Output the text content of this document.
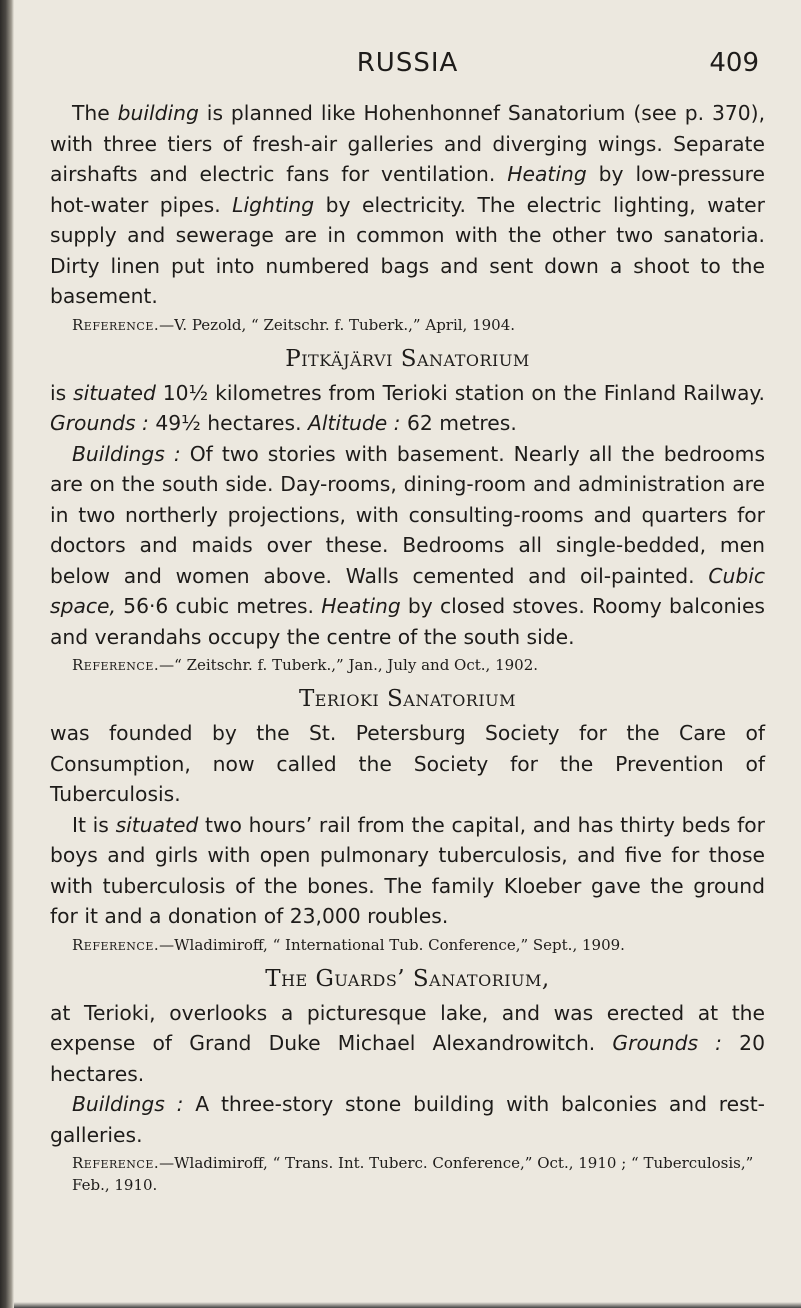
RUSSIA	409

The building is planned like Hohenhonnef Sanatorium (see p. 370), with three tiers of fresh-air galleries and diverging wings. Separate airshafts and electric fans for ventilation. Heating by low-pressure hot-water pipes. Lighting by electricity. The electric lighting, water supply and sewerage are in common with the other two sanatoria. Dirty linen put into numbered bags and sent down a shoot to the basement.

Reference.—V. Pezold, “ Zeitschr. f. Tuberk.,” April, 1904.

Pitkäjärvi Sanatorium

is situated 10½ kilometres from Terioki station on the Finland Railway. Grounds : 49½ hectares. Altitude : 62 metres.

Buildings : Of two stories with basement. Nearly all the bedrooms are on the south side. Day-rooms, dining-room and administration are in two northerly projections, with consulting-rooms and quarters for doctors and maids over these. Bedrooms all single-bedded, men below and women above. Walls cemented and oil-painted. Cubic space, 56·6 cubic metres. Heating by closed stoves. Roomy balconies and verandahs occupy the centre of the south side.

Reference.—“ Zeitschr. f. Tuberk.,” Jan., July and Oct., 1902.

Terioki Sanatorium

was founded by the St. Petersburg Society for the Care of Consumption, now called the Society for the Prevention of Tuberculosis.

It is situated two hours’ rail from the capital, and has thirty beds for boys and girls with open pulmonary tuberculosis, and five for those with tuberculosis of the bones. The family Kloeber gave the ground for it and a donation of 23,000 roubles.

Reference.—Wladimiroff, “ International Tub. Conference,” Sept., 1909.

The Guards’ Sanatorium,

at Terioki, overlooks a picturesque lake, and was erected at the expense of Grand Duke Michael Alexandrowitch. Grounds : 20 hectares.

Buildings : A three-story stone building with balconies and rest-galleries.

Reference.—Wladimiroff, “ Trans. Int. Tuberc. Conference,” Oct., 1910 ; “ Tuberculosis,” Feb., 1910.
